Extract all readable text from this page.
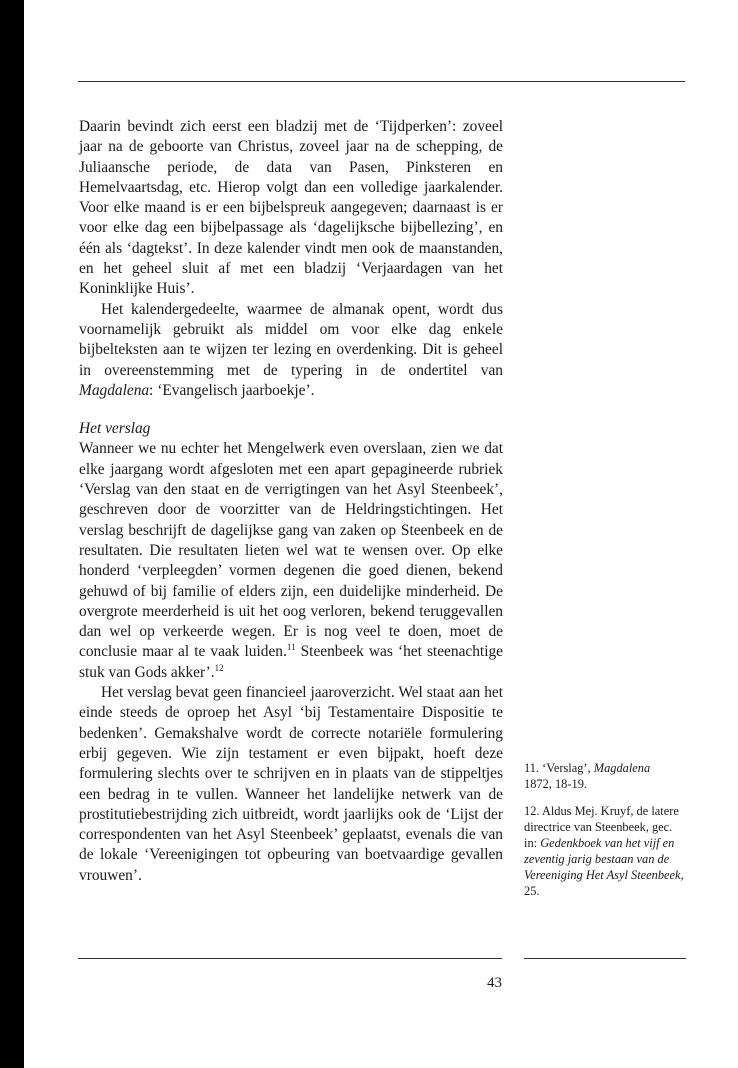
Daarin bevindt zich eerst een bladzij met de ‘Tijdperken’: zoveel jaar na de geboorte van Christus, zoveel jaar na de schepping, de Juliaansche periode, de data van Pasen, Pinksteren en Hemelvaartsdag, etc. Hierop volgt dan een volledige jaarkalender. Voor elke maand is er een bijbelspreuk aangegeven; daarnaast is er voor elke dag een bijbelpassage als ‘dagelijksche bijbellezing’, en één als ‘dagtekst’. In deze kalender vindt men ook de maanstanden, en het geheel sluit af met een bladzij ‘Verjaardagen van het Koninklijke Huis’.

Het kalendergedeelte, waarmee de almanak opent, wordt dus voornamelijk gebruikt als middel om voor elke dag enkele bijbelteksten aan te wijzen ter lezing en overdenking. Dit is geheel in overeenstemming met de typering in de ondertitel van Magdalena: ‘Evangelisch jaarboekje’.

Het verslag

Wanneer we nu echter het Mengelwerk even overslaan, zien we dat elke jaargang wordt afgesloten met een apart gepagineerde rubriek ‘Verslag van den staat en de verrigtingen van het Asyl Steenbeek’, geschreven door de voorzitter van de Heldringstichtingen. Het verslag beschrijft de dagelijkse gang van zaken op Steenbeek en de resultaten. Die resultaten lieten wel wat te wensen over. Op elke honderd ‘verpleegden’ vormen degenen die goed dienen, bekend gehuwd of bij familie of elders zijn, een duidelijke minderheid. De overgrote meerderheid is uit het oog verloren, bekend teruggevallen dan wel op verkeerde wegen. Er is nog veel te doen, moet de conclusie maar al te vaak luiden.$^{11}$ Steenbeek was ‘het steenachtige stuk van Gods akker’.$^{12}$

Het verslag bevat geen financieel jaaroverzicht. Wel staat aan het einde steeds de oproep het Asyl ‘bij Testamentaire Dispositie te bedenken’. Gemakshalve wordt de correcte notariële formulering erbij gegeven. Wie zijn testament er even bijpakt, hoeft deze formulering slechts over te schrijven en in plaats van de stippeltjes een bedrag in te vullen. Wanneer het landelijke netwerk van de prostitutiebestrijding zich uitbreidt, wordt jaarlijks ook de ‘Lijst der correspondenten van het Asyl Steenbeek’ geplaatst, evenals die van de lokale ‘Vereenigingen tot opbeuring van boetvaardige gevallen vrouwen’.

11. ‘Verslag’, Magdalena
1872, 18-19.

12. Aldus Mej. Kruyf, de latere directrice van Steenbeek, gec. in: Gedenkboek van het vijf en zeventig jarig bestaan van de Vereeniging Het Asyl Steenbeek, 25.

43
